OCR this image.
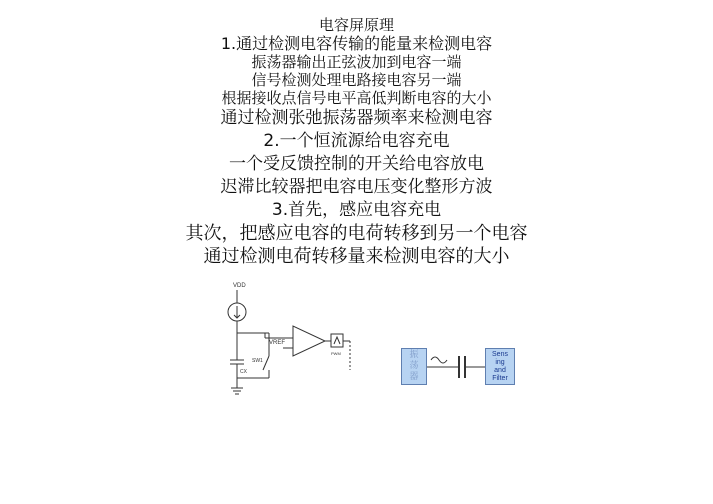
电容屏原理
1.通过检测电容传输的能量来检测电容
振荡器输出正弦波加到电容一端
信号检测处理电路接电容另一端
根据接收点信号电平高低判断电容的大小
通过检测张弛振荡器频率来检测电容
2.一个恒流源给电容充电
一个受反馈控制的开关给电容放电
迟滞比较器把电容电压变化整形方波
3.首先，感应电容充电
其次，把感应电容的电荷转移到另一个电容
通过检测电荷转移量来检测电容的大小
VDD
VREF
SW1
CX
PWM	振
荡
器
Sens
ing
and
Filter
